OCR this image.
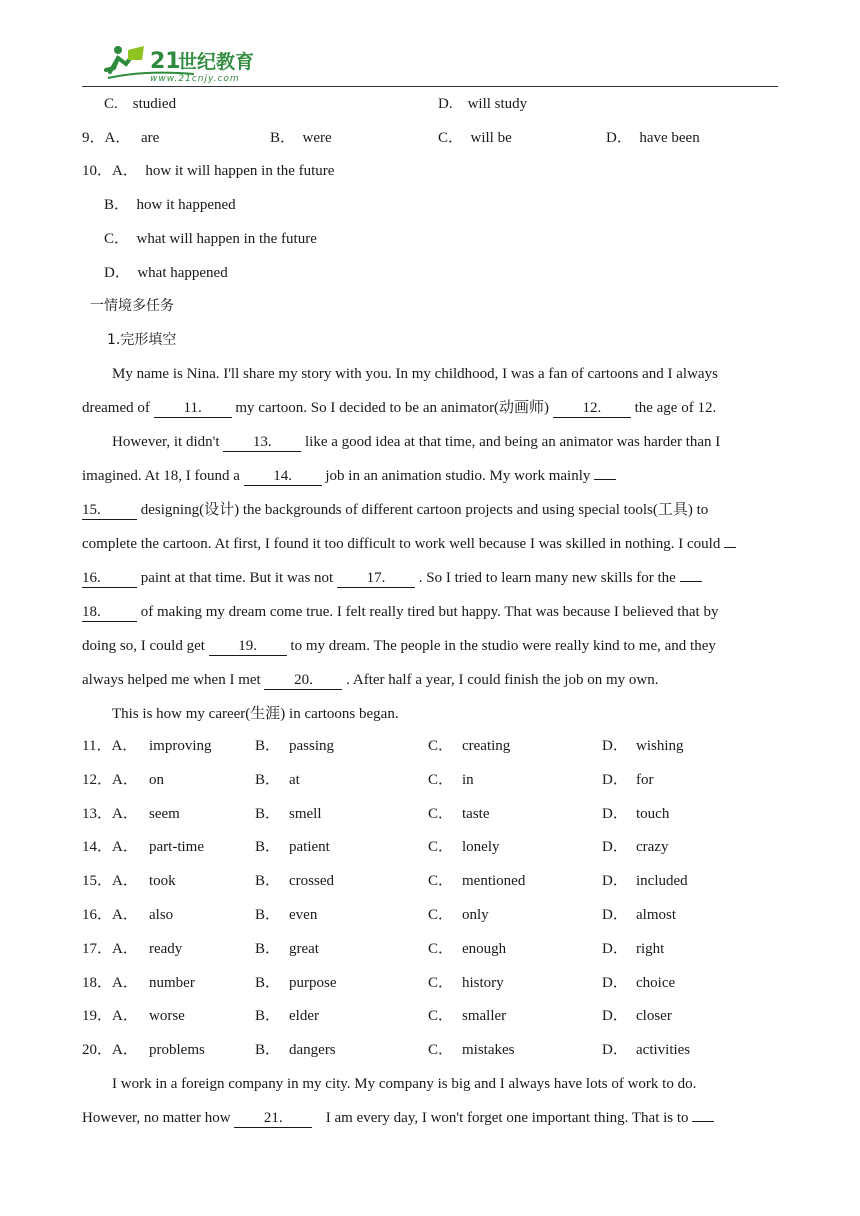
21
世纪教育
www.21cnjy.com
C.　studied	D.　will study
9．A． are	B．　were	C．　will be	D．　have been
10．A．　how it will happen in the future
B．　how it happened
C．　what will happen in the future
D．　what happened
一情境多任务
1.完形填空
My name is Nina. I'll share my story with you. In my childhood, I was a fan of cartoons and I always
dreamed of 11. my cartoon. So I decided to be an animator(动画师) 12. the age of 12.
However, it didn't 13. like a good idea at that time, and being an animator was harder than I
imagined. At 18, I found a 14. job in an animation studio. My work mainly
15.	designing(设计) the backgrounds of different cartoon projects and using special tools(工具) to
complete the cartoon. At first, I found it too difficult to work well because I was skilled in nothing. I could
16.	paint at that time. But it was not 17. . So I tried to learn many new skills for the
18.	of making my dream come true. I felt really tired but happy. That was because I believed that by
doing so, I could get 19. to my dream. The people in the studio were really kind to me, and they
always helped me when I met 20. . After half a year, I could finish the job on my own.
This is how my career(生涯) in cartoons began.
11．A． improving	B． passing	C． creating	D． wishing
12．A． on	B． at	C． in	D． for
13．A． seem	B． smell	C． taste	D． touch
14．A． part-time	B． patient	C． lonely	D． crazy
15．A． took	B． crossed	C． mentioned	D． included
16．A． also	B． even	C． only	D． almost
17．A． ready	B． great	C． enough	D． right
18．A． number	B． purpose	C． history	D． choice
19．A． worse	B． elder	C． smaller	D． closer
20．A． problems	B． dangers	C． mistakes	D． activities
I work in a foreign company in my city. My company is big and I always have lots of work to do.
However, no matter how 21.	I am every day, I won't forget one important thing. That is to
